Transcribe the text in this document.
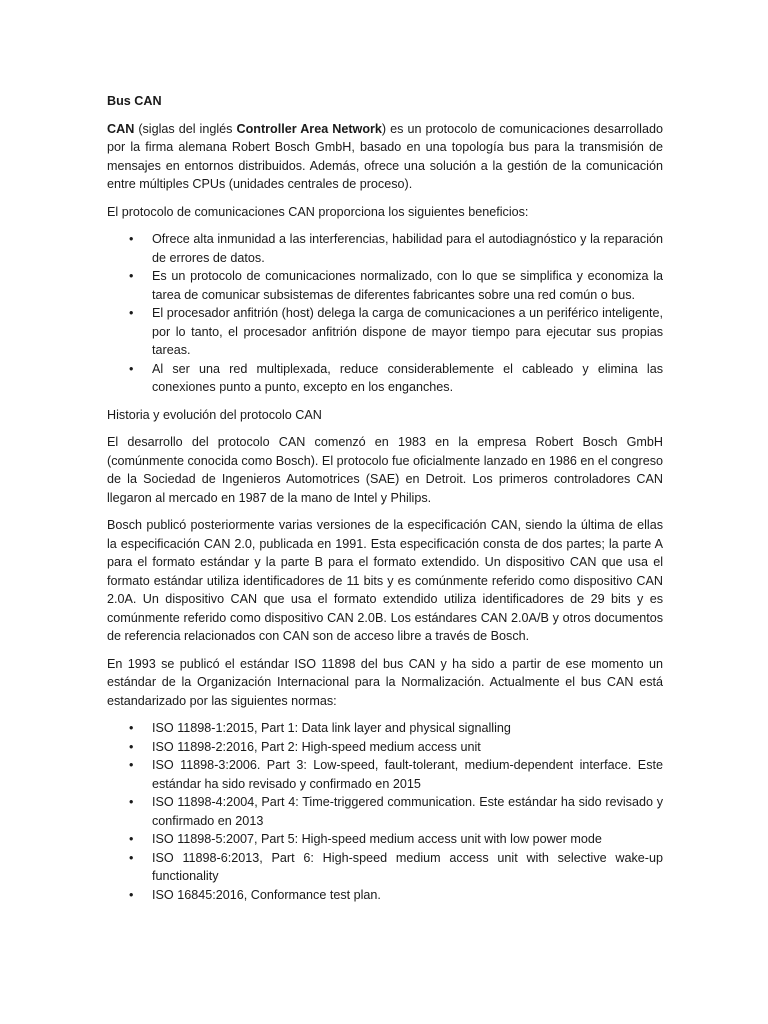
Bus CAN

CAN (siglas del inglés Controller Area Network) es un protocolo de comunicaciones desarrollado por la firma alemana Robert Bosch GmbH, basado en una topología bus para la transmisión de mensajes en entornos distribuidos. Además, ofrece una solución a la gestión de la comunicación entre múltiples CPUs (unidades centrales de proceso).

El protocolo de comunicaciones CAN proporciona los siguientes beneficios:

• Ofrece alta inmunidad a las interferencias, habilidad para el autodiagnóstico y la reparación de errores de datos.
• Es un protocolo de comunicaciones normalizado, con lo que se simplifica y economiza la tarea de comunicar subsistemas de diferentes fabricantes sobre una red común o bus.
• El procesador anfitrión (host) delega la carga de comunicaciones a un periférico inteligente, por lo tanto, el procesador anfitrión dispone de mayor tiempo para ejecutar sus propias tareas.
• Al ser una red multiplexada, reduce considerablemente el cableado y elimina las conexiones punto a punto, excepto en los enganches.

Historia y evolución del protocolo CAN

El desarrollo del protocolo CAN comenzó en 1983 en la empresa Robert Bosch GmbH (comúnmente conocida como Bosch). El protocolo fue oficialmente lanzado en 1986 en el congreso de la Sociedad de Ingenieros Automotrices (SAE) en Detroit. Los primeros controladores CAN llegaron al mercado en 1987 de la mano de Intel y Philips.

Bosch publicó posteriormente varias versiones de la especificación CAN, siendo la última de ellas la especificación CAN 2.0, publicada en 1991. Esta especificación consta de dos partes; la parte A para el formato estándar y la parte B para el formato extendido. Un dispositivo CAN que usa el formato estándar utiliza identificadores de 11 bits y es comúnmente referido como dispositivo CAN 2.0A. Un dispositivo CAN que usa el formato extendido utiliza identificadores de 29 bits y es comúnmente referido como dispositivo CAN 2.0B. Los estándares CAN 2.0A/B y otros documentos de referencia relacionados con CAN son de acceso libre a través de Bosch.

En 1993 se publicó el estándar ISO 11898 del bus CAN y ha sido a partir de ese momento un estándar de la Organización Internacional para la Normalización. Actualmente el bus CAN está estandarizado por las siguientes normas:

• ISO 11898-1:2015, Part 1: Data link layer and physical signalling
• ISO 11898-2:2016, Part 2: High-speed medium access unit
• ISO 11898-3:2006. Part 3: Low-speed, fault-tolerant, medium-dependent interface. Este estándar ha sido revisado y confirmado en 2015
• ISO 11898-4:2004, Part 4: Time-triggered communication. Este estándar ha sido revisado y confirmado en 2013
• ISO 11898-5:2007, Part 5: High-speed medium access unit with low power mode
• ISO 11898-6:2013, Part 6: High-speed medium access unit with selective wake-up functionality
• ISO 16845:2016, Conformance test plan.
